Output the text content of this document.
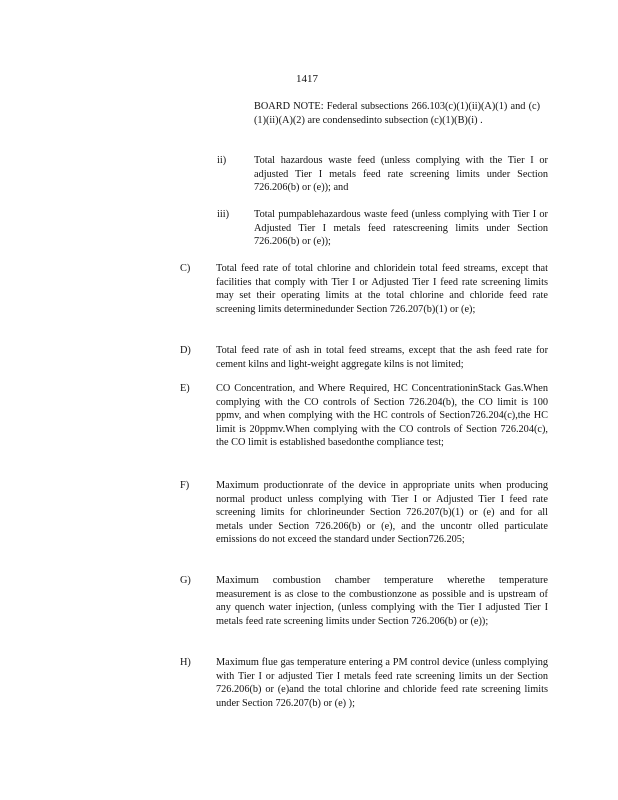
1417

BOARD NOTE: Federal subsections 266.103(c)(1)(ii)(A)(1) and (c)(1)(ii)(A)(2) are condensedinto subsection (c)(1)(B)(i) .

ii)	Total hazardous waste feed (unless complying with the Tier I or adjusted Tier I metals feed rate screening limits under Section 726.206(b) or (e)); and
iii) Total pumpablehazardous waste feed (unless complying with Tier I or Adjusted Tier I metals feed ratescreening limits under Section 726.206(b) or (e));
C) Total feed rate of total chlorine and chloridein total feed streams, except that facilities that comply with Tier I or Adjusted Tier I feed rate screening limits may set their operating limits at the total chlorine and chloride feed rate screening limits determinedunder Section 726.207(b)(1) or (e);
D) Total feed rate of ash in total feed streams, except that the ash feed rate for cement kilns and light-weight aggregate kilns is not limited;
E)	CO Concentration, and Where Required, HC ConcentrationinStack Gas.When complying with the CO controls of Section 726.204(b), the CO limit is 100 ppmv, and when complying with the HC controls of Section726.204(c),the HC limit is 20ppmv.When complying with the CO controls of Section 726.204(c), the CO limit is established basedonthe compliance test;
F)	Maximum productionrate of the device in appropriate units when producing normal product unless complying with Tier I or Adjusted Tier I feed rate screening limits for chlorineunder Section 726.207(b)(1) or (e) and for all metals under Section 726.206(b) or (e), and the uncontr olled particulate emissions do not exceed the standard under Section726.205;
G) Maximum combustion chamber temperature wherethe temperature measurement is as close to the combustionzone as possible and is upstream of any quench water injection, (unless complying with the Tier I adjusted Tier I metals feed rate screening limits under Section 726.206(b) or (e));
H) Maximum flue gas temperature entering a PM control device (unless complying with Tier I or adjusted Tier I metals feed rate screening limits un der Section 726.206(b) or (e)and the total chlorine and chloride feed rate screening limits under Section 726.207(b) or (e) );
